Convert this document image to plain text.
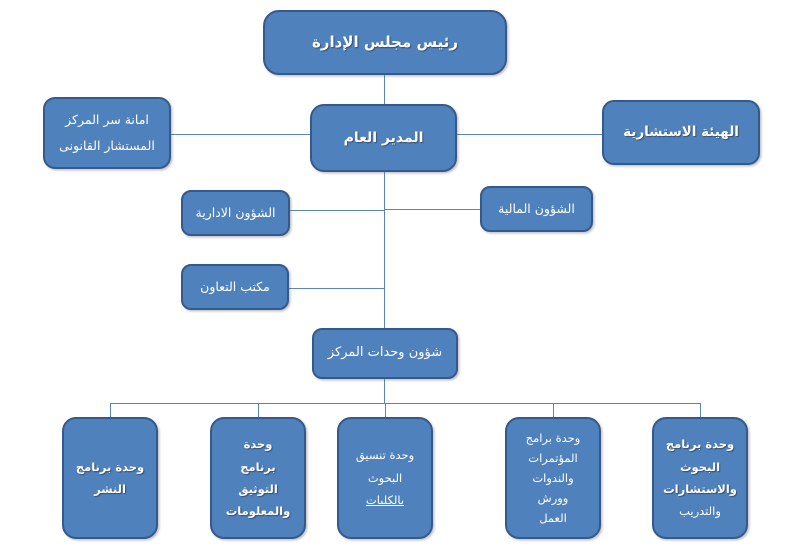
رئيس مجلس الإدارة
امانة سر المركز
المستشار القانونى	المدير العام	الهيئة الاستشارية
الشؤون الادارية	الشؤون المالية
مكتب التعاون
شؤون وحدات المركز
وحدة برنامج
النشر
وحدة
برنامج
التوثيق
والمعلومات
وحدة تنسيق
البحوث
بالكليات
وحدة برامج
المؤتمرات
والندوات
وورش
العمل
وحدة برنامج
البحوث
والاستشارات
والتدريب
